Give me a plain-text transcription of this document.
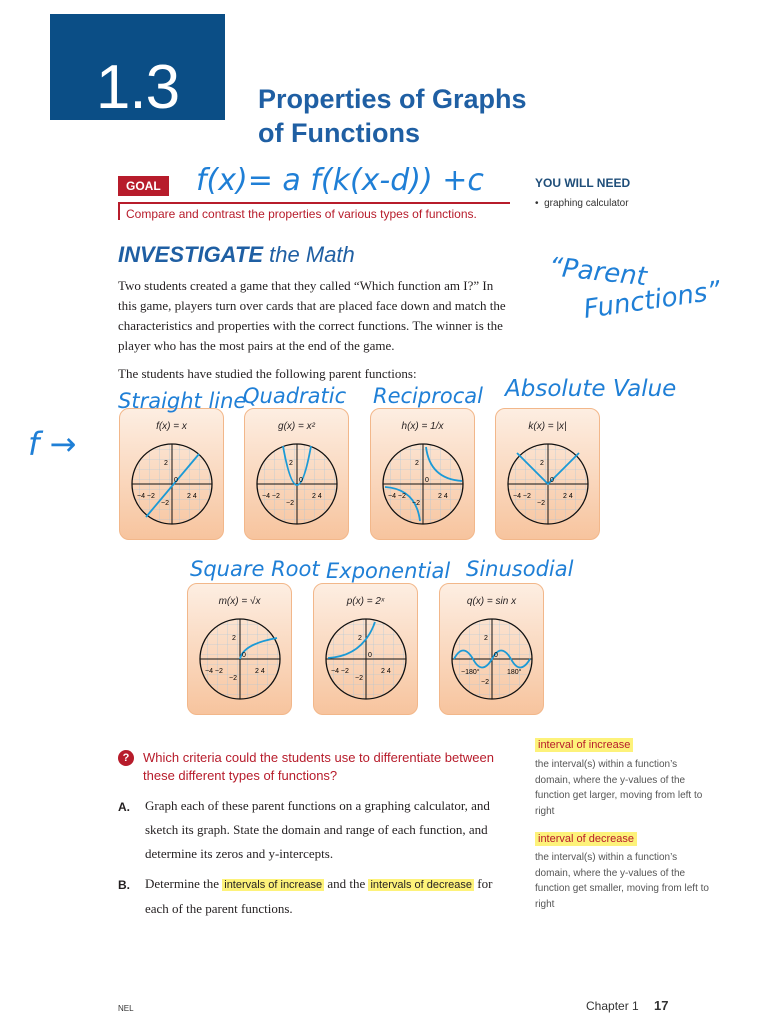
1.3	Properties of Graphs
of Functions
GOAL
Compare and contrast the properties of various types of functions.
YOU WILL NEED
•  graphing calculator
INVESTIGATE the Math
Two students created a game that they called “Which function am I?” In this game, players turn over cards that are placed face down and match the characteristics and properties with the correct functions. The winner is the player who has the most pairs at the end of the game.
The students have studied the following parent functions:
f(x) = x
−4 −2	2 4
2
−2
0
g(x) = x²
−4 −2	2 4
2
−2
0
h(x) = 1/x
−4 −2	2 4
2
−2
0
k(x) = |x|
−4 −2	2 4
2
−2
0
m(x) = √x
−4 −2	2 4
2
−2
0
p(x) = 2ˣ
−4 −2	2 4
2
−2
0
q(x) = sin x
−180°	180°
2
−2
0
f(x)= a f(k(x-d)) +c
“Parent
Functions”
f →
Straight line
Quadratic Reciprocal Absolute Value
Square Root Exponential Sinusodial
?	Which criteria could the students use to differentiate between these different types of functions?
A. Graph each of these parent functions on a graphing calculator, and sketch its graph. State the domain and range of each function, and determine its zeros and y-intercepts.
B. Determine the intervals of increase and the intervals of decrease for each of the parent functions.
interval of increase
the interval(s) within a function’s domain, where the y-values of the function get larger, moving from left to right
interval of decrease
the interval(s) within a function’s domain, where the y-values of the function get smaller, moving from left to right
NEL	Chapter 1 17
